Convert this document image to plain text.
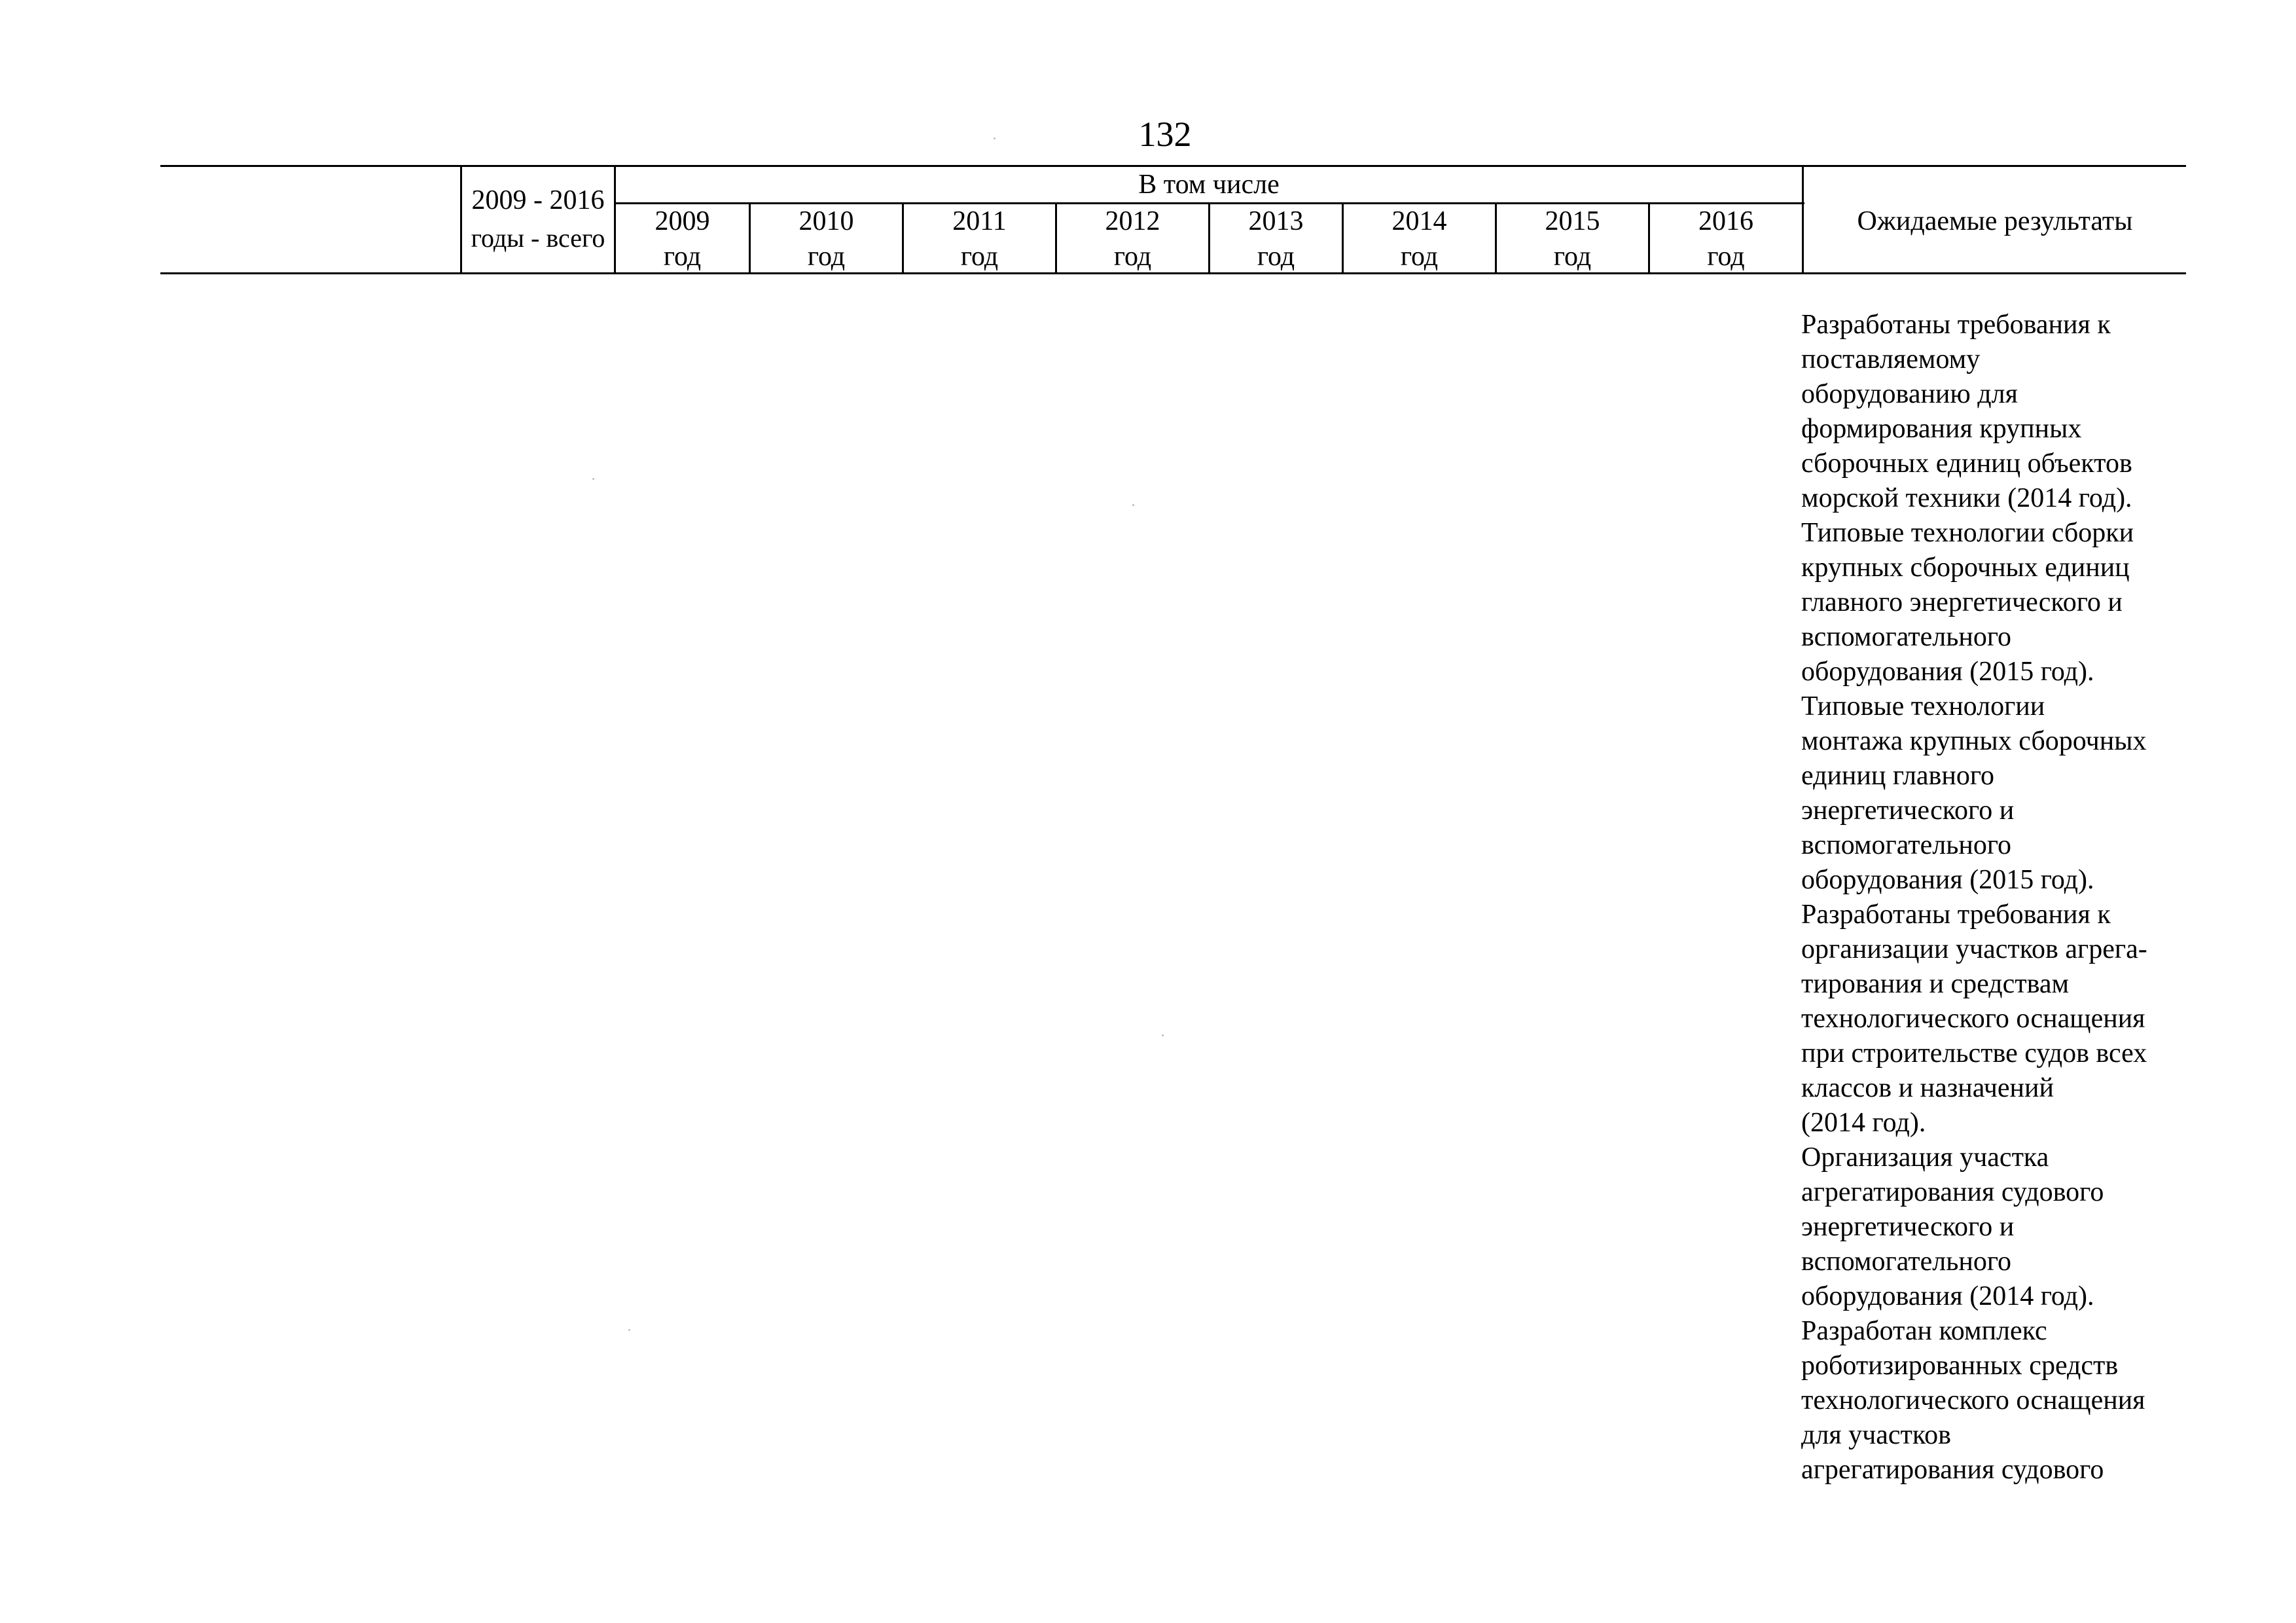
132
2009 - 2016
годы - всего
В том числе
2009
год
2010
год
2011
год
2012
год
2013
год
2014
год
2015
год
2016
год
Ожидаемые результаты
Разработаны требования к
поставляемому
оборудованию для
формирования крупных
сборочных единиц объектов
морской техники (2014 год).
Типовые технологии сборки
крупных сборочных единиц
главного энергетического и
вспомогательного
оборудования (2015 год).
Типовые технологии
монтажа крупных сборочных
единиц главного
энергетического и
вспомогательного
оборудования (2015 год).
Разработаны требования к
организации участков агрега-
тирования и средствам
технологического оснащения
при строительстве судов всех
классов и назначений
(2014 год).
Организация участка
агрегатирования судового
энергетического и
вспомогательного
оборудования (2014 год).
Разработан комплекс
роботизированных средств
технологического оснащения
для участков
агрегатирования судового
